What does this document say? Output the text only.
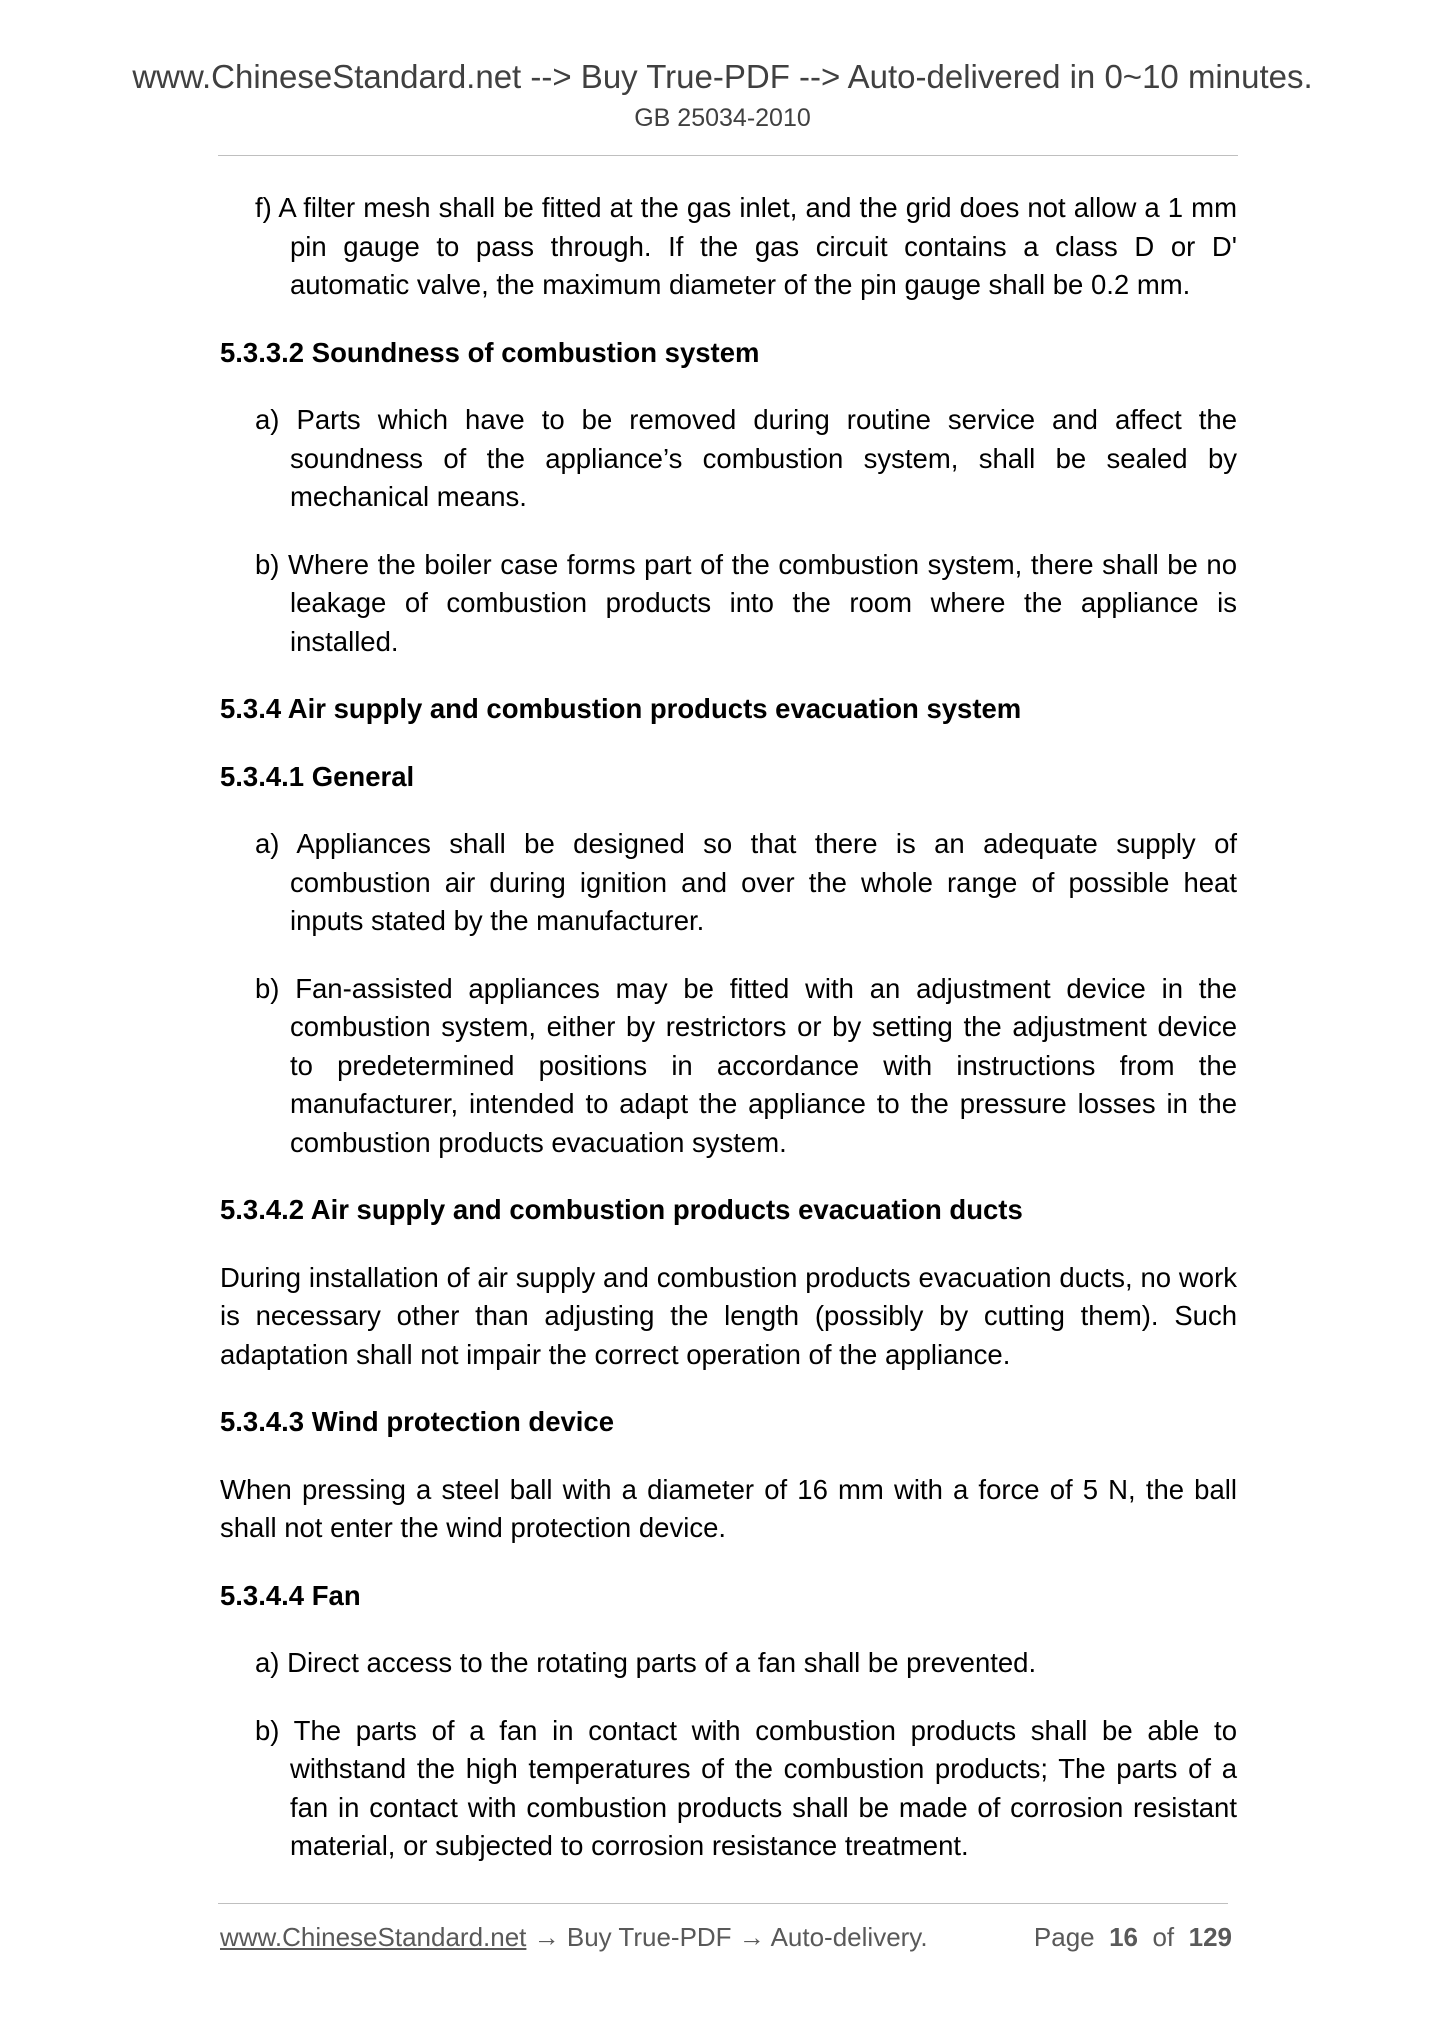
www.ChineseStandard.net --> Buy True-PDF --> Auto-delivered in 0~10 minutes.
GB 25034-2010

f) A filter mesh shall be fitted at the gas inlet, and the grid does not allow a 1 mm pin gauge to pass through. If the gas circuit contains a class D or D' automatic valve, the maximum diameter of the pin gauge shall be 0.2 mm.

5.3.3.2 Soundness of combustion system

a) Parts which have to be removed during routine service and affect the soundness of the appliance’s combustion system, shall be sealed by mechanical means.

b) Where the boiler case forms part of the combustion system, there shall be no leakage of combustion products into the room where the appliance is installed.

5.3.4 Air supply and combustion products evacuation system

5.3.4.1 General

a) Appliances shall be designed so that there is an adequate supply of combustion air during ignition and over the whole range of possible heat inputs stated by the manufacturer.

b) Fan-assisted appliances may be fitted with an adjustment device in the combustion system, either by restrictors or by setting the adjustment device to predetermined positions in accordance with instructions from the manufacturer, intended to adapt the appliance to the pressure losses in the combustion products evacuation system.

5.3.4.2 Air supply and combustion products evacuation ducts

During installation of air supply and combustion products evacuation ducts, no work is necessary other than adjusting the length (possibly by cutting them). Such adaptation shall not impair the correct operation of the appliance.

5.3.4.3 Wind protection device

When pressing a steel ball with a diameter of 16 mm with a force of 5 N, the ball shall not enter the wind protection device.

5.3.4.4 Fan

a) Direct access to the rotating parts of a fan shall be prevented.

b) The parts of a fan in contact with combustion products shall be able to withstand the high temperatures of the combustion products; The parts of a fan in contact with combustion products shall be made of corrosion resistant material, or subjected to corrosion resistance treatment.

www.ChineseStandard.net → Buy True-PDF → Auto-delivery.	Page 16 of 129
